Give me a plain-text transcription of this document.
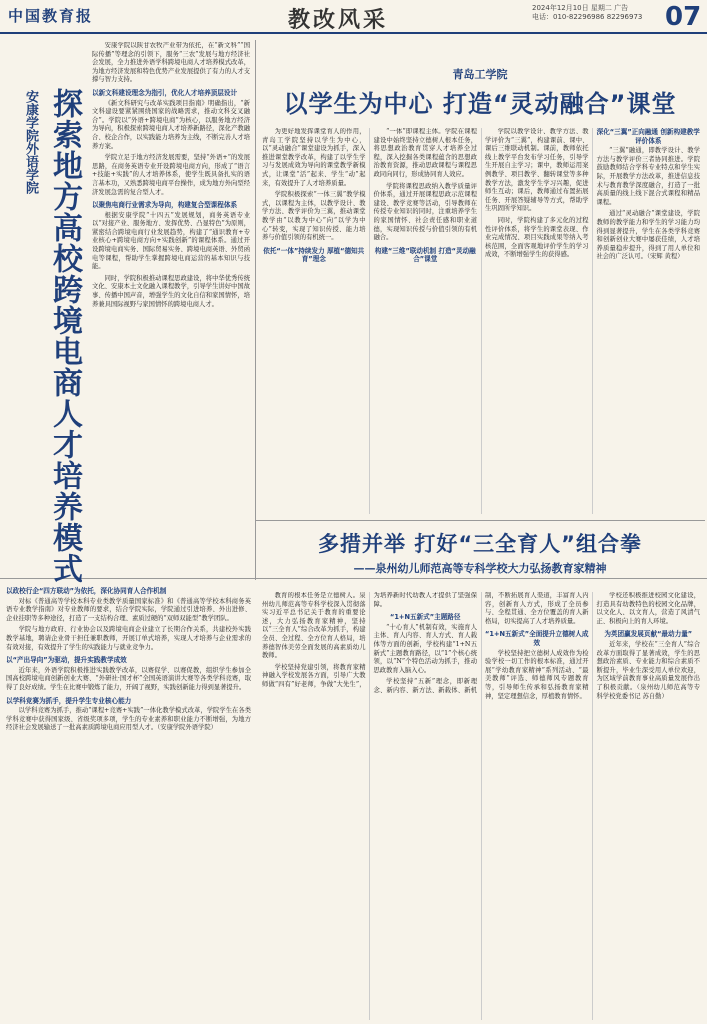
中国教育报	教改风采	2024年12月10日 星期二 广告
电话：010-82296986 82296973 07
安康学院外语学院 探索地方高校跨境电商人才培养模式

安康学院以陕甘农牧产业带为依托，在“新文科”“国际传播”等理念的引领下，服务“三农”发展与地方经济社会发展，全力推进外语学科跨境电商人才培养模式改革，为地方经济发展和特色优势产业发展提供了有力的人才支撑与智力支持。

以新文科建设理念为指引，优化人才培养顶层设计

《新文科研究与改革实践项目指南》明确指出，“新文科建设要紧紧围绕国家的战略需求，推动文科交叉融合”。学院以“外语+跨境电商”为核心，以服务地方经济为导向，积极探索跨境电商人才培养新路径，深化产教融合、校企合作，以实践能力培养为主线，不断完善人才培养方案。

学院立足于地方经济发展需要，坚持“外语+”的发展思路，在商务英语专业开设跨境电商方向，形成了“语言+技能+实践”的人才培养体系，使学生既具备扎实的语言基本功，又熟悉跨境电商平台操作，成为地方外向型经济发展急需的复合型人才。

以聚焦电商行业需求为导向，构建复合型课程体系

根据安康学院“十四五”发展规划，商务英语专业以“对接产业、服务地方、发挥优势、凸显特色”为原则，紧密结合跨境电商行业发展趋势，构建了“通识教育+专业核心+跨境电商方向+实践创新”的课程体系。通过开设跨境电商实务、国际贸易实务、跨境电商英语、外贸函电等课程，帮助学生掌握跨境电商运营的基本知识与技能。

同时，学院积极推动课程思政建设，将中华优秀传统文化、安康本土文化融入课程教学，引导学生讲好中国故事、传播中国声音，增强学生的文化自信和家国情怀，培养兼具国际视野与家国情怀的跨境电商人才。

以政校行企“四方联动”为依托，深化协同育人合作机制

对标《普通高等学校本科专业类教学质量国家标准》和《普通高等学校本科商务英语专业教学指南》对专业教师的要求，结合学院实际，学院通过引进培养、外出进修、企业挂职等多种途径，打造了一支结构合理、素质过硬的“双师双能型”教学团队。

学院与地方政府、行业协会以及跨境电商企业建立了长期合作关系，共建校外实践教学基地，聘请企业骨干担任兼职教师，开展订单式培养，实现人才培养与企业需求的有效对接，有效提升了学生的实践能力与就业竞争力。

以“产出导向”为驱动，提升实践教学成效

近年来，外语学院积极推进实践教学改革，以赛促学、以赛促教，组织学生参加全国高校跨境电商创新创业大赛、“外研社·国才杯”全国英语演讲大赛等各类学科竞赛，取得了良好成绩。学生在比赛中锻炼了能力，开阔了视野，实践创新能力得到显著提升。

以学科竞赛为抓手，提升学生专业核心能力

以学科竞赛为抓手，推动“课程+竞赛+实践”一体化教学模式改革，学院学生在各类学科竞赛中获得国家级、省级奖项多项，学生的专业素养和职业能力不断增强，为地方经济社会发展输送了一批高素质跨境电商应用型人才。（安康学院外语学院）

青岛工学院
以学生为中心 打造“灵动融合”课堂

为更好地发挥课堂育人的作用，青岛工学院坚持以学生为中心，以“灵动融合”课堂建设为抓手，深入推进课堂教学改革，构建了以学生学习与发展成效为导向的课堂教学新模式，让课堂“活”起来、学生“动”起来，有效提升了人才培养质量。

学院积极探索“一体三翼”教学模式，以课程为主体，以教学设计、教学方法、教学评价为三翼，推动课堂教学由“以教为中心”向“以学为中心”转变，实现了知识传授、能力培养与价值引领的有机统一。

依托“一体”持续发力 厚植“德知共育”理念

“一体”即课程主体。学院在课程建设中始终坚持立德树人根本任务，将思想政治教育贯穿人才培养全过程，深入挖掘各类课程蕴含的思想政治教育资源，推动思政课程与课程思政同向同行，形成协同育人效应。

学院将课程思政纳入教学质量评价体系，通过开展课程思政示范课程建设、教学竞赛等活动，引导教师在传授专业知识的同时，注重培养学生的家国情怀、社会责任感和职业道德，实现知识传授与价值引领的有机融合。

构建“三维”联动机制 打造“灵动融合”课堂

学院以教学设计、教学方法、教学评价为“三翼”，构建课前、课中、课后三维联动机制。课前，教师依托线上教学平台发布学习任务，引导学生开展自主学习；课中，教师运用案例教学、项目教学、翻转课堂等多种教学方法，激发学生学习兴趣，促进师生互动；课后，教师通过布置拓展任务、开展答疑辅导等方式，帮助学生巩固所学知识。

同时，学院构建了多元化的过程性评价体系，将学生的课堂表现、作业完成情况、项目实践成果等纳入考核范围，全面客观地评价学生的学习成效，不断增强学生的获得感。

深化“三翼”正向融通 创新构建教学评价体系

“三翼”融通，即教学设计、教学方法与教学评价三者协同推进。学院鼓励教师结合学科专业特点和学生实际，开展教学方法改革，推进信息技术与教育教学深度融合，打造了一批高质量的线上线下混合式课程和精品课程。

通过“灵动融合”课堂建设，学院教师的教学能力和学生的学习能力均得到显著提升，学生在各类学科竞赛和创新创业大赛中屡获佳绩，人才培养质量稳步提升，得到了用人单位和社会的广泛认可。（宋辉 黄程）

多措并举 打好“三全育人”组合拳
——泉州幼儿师范高等专科学校大力弘扬教育家精神

教育的根本任务是立德树人。泉州幼儿师范高等专科学校深入贯彻落实习近平总书记关于教育的重要论述，大力弘扬教育家精神，坚持以“三全育人”综合改革为抓手，构建全员、全过程、全方位育人格局，培养德智体美劳全面发展的高素质幼儿教师。

学校坚持党建引领，将教育家精神融入学校发展各方面，引导广大教师做“四有”好老师，争做“大先生”，为培养新时代幼教人才提供了坚强保障。

“1+N五新式”主题路径

“十心育人”机制有效，实施育人主体、育人内容、育人方式、育人载体等方面的创新，学校构建“1+N五新式”主题教育路径，以“1”个核心统领，以“N”个特色活动为抓手，推动思政教育入脑入心。

学校坚持“五新”理念，即新理念、新内容、新方法、新载体、新机制，不断拓展育人渠道，丰富育人内容，创新育人方式，形成了全员参与、全程贯通、全方位覆盖的育人新格局，切实提高了人才培养质量。

“1+N五新式”全面提升立德树人成效

学校坚持把立德树人成效作为检验学校一切工作的根本标准，通过开展“学幼教育家精神”系列活动、“最美教师”评选、师德师风专题教育等，引导师生传承和弘扬教育家精神，坚定理想信念，厚植教育情怀。

学校还积极推进校园文化建设，打造具有幼教特色的校园文化品牌，以文化人、以文育人，营造了风清气正、积极向上的育人环境。

为英团赢发展页献“最动力量”

近年来，学校在“三全育人”综合改革方面取得了显著成效，学生的思想政治素质、专业能力和综合素质不断提升，毕业生深受用人单位欢迎，为区域学前教育事业高质量发展作出了积极贡献。（泉州幼儿师范高等专科学校党委书记 苏自勤）
